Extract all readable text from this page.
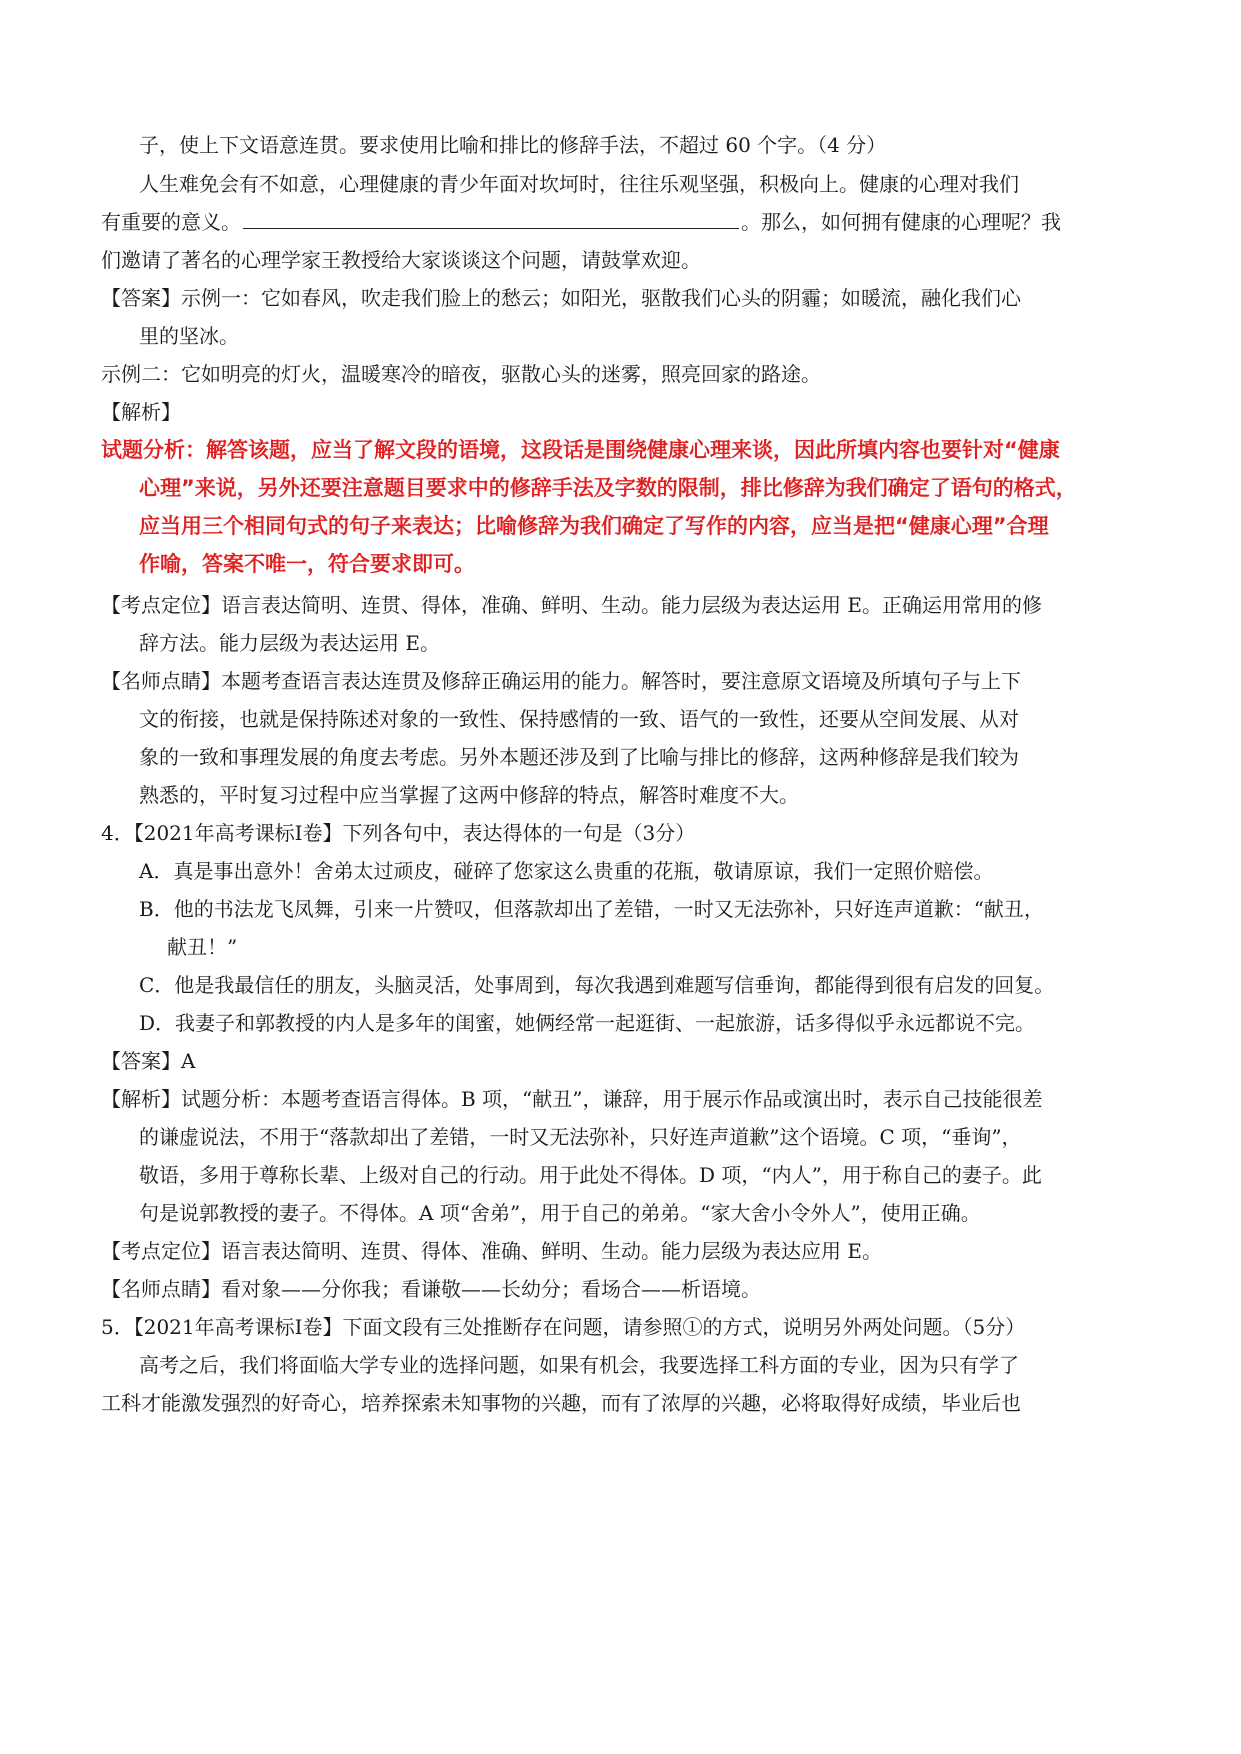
子，使上下文语意连贯。要求使用比喻和排比的修辞手法，不超过 60 个字。（4 分）
人生难免会有不如意，心理健康的青少年面对坎坷时，往往乐观坚强，积极向上。健康的心理对我们
有重要的意义。	。那么，如何拥有健康的心理呢？我
们邀请了著名的心理学家王教授给大家谈谈这个问题，请鼓掌欢迎。
【答案】示例一：它如春风，吹走我们脸上的愁云；如阳光，驱散我们心头的阴霾；如暖流，融化我们心
里的坚冰。
示例二：它如明亮的灯火，温暖寒冷的暗夜，驱散心头的迷雾，照亮回家的路途。
【解析】
试题分析：解答该题，应当了解文段的语境，这段话是围绕健康心理来谈，因此所填内容也要针对“健康
心理”来说，另外还要注意题目要求中的修辞手法及字数的限制，排比修辞为我们确定了语句的格式，
应当用三个相同句式的句子来表达；比喻修辞为我们确定了写作的内容，应当是把“健康心理”合理
作喻，答案不唯一，符合要求即可。
【考点定位】语言表达简明、连贯、得体，准确、鲜明、生动。能力层级为表达运用 E。正确运用常用的修
辞方法。能力层级为表达运用 E。
【名师点睛】本题考查语言表达连贯及修辞正确运用的能力。解答时，要注意原文语境及所填句子与上下
文的衔接，也就是保持陈述对象的一致性、保持感情的一致、语气的一致性，还要从空间发展、从对
象的一致和事理发展的角度去考虑。另外本题还涉及到了比喻与排比的修辞，这两种修辞是我们较为
熟悉的，平时复习过程中应当掌握了这两中修辞的特点，解答时难度不大。
4．【2021年高考课标Ⅰ卷】下列各句中，表达得体的一句是（3分）
A．真是事出意外！舍弟太过顽皮，碰碎了您家这么贵重的花瓶，敬请原谅，我们一定照价赔偿。
B．他的书法龙飞凤舞，引来一片赞叹，但落款却出了差错，一时又无法弥补，只好连声道歉：“献丑，
献丑！”
C．他是我最信任的朋友，头脑灵活，处事周到，每次我遇到难题写信垂询，都能得到很有启发的回复。
D．我妻子和郭教授的内人是多年的闺蜜，她俩经常一起逛街、一起旅游，话多得似乎永远都说不完。
【答案】A
【解析】试题分析：本题考查语言得体。B 项，“献丑”，谦辞，用于展示作品或演出时，表示自己技能很差
的谦虚说法，不用于“落款却出了差错，一时又无法弥补，只好连声道歉”这个语境。C 项，“垂询”，
敬语，多用于尊称长辈、上级对自己的行动。用于此处不得体。D 项，“内人”，用于称自己的妻子。此
句是说郭教授的妻子。不得体。A 项“舍弟”，用于自己的弟弟。“家大舍小令外人”，使用正确。
【考点定位】语言表达简明、连贯、得体、准确、鲜明、生动。能力层级为表达应用 E。
【名师点睛】看对象——分你我；看谦敬——长幼分；看场合——析语境。
5．【2021年高考课标Ⅰ卷】下面文段有三处推断存在问题，请参照①的方式，说明另外两处问题。（5分）
高考之后，我们将面临大学专业的选择问题，如果有机会，我要选择工科方面的专业，因为只有学了
工科才能激发强烈的好奇心，培养探索未知事物的兴趣，而有了浓厚的兴趣，必将取得好成绩，毕业后也
